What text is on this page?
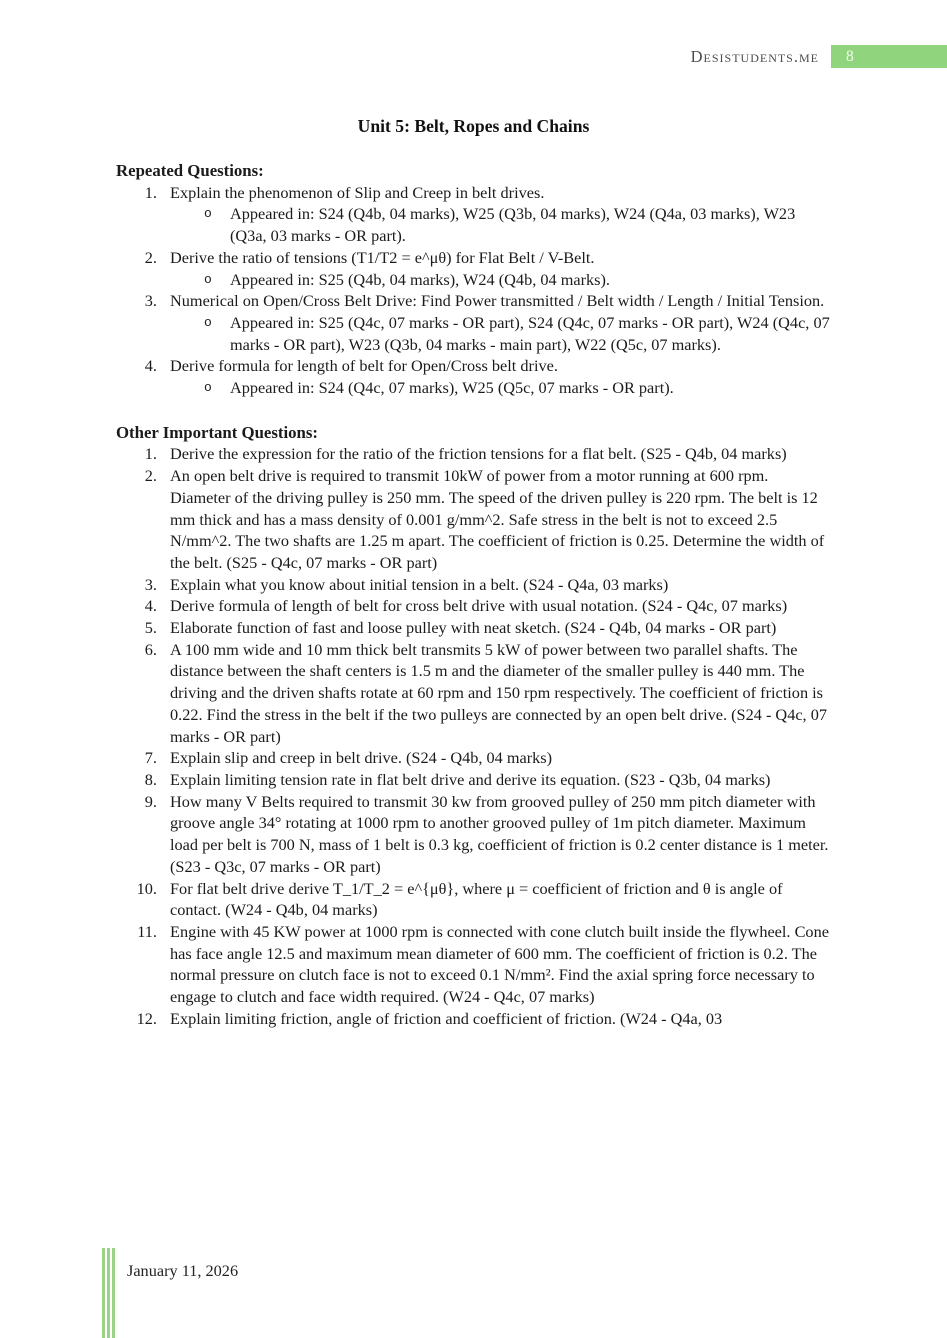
Desistudents.me	8
Unit 5: Belt, Ropes and Chains
Repeated Questions:
1. Explain the phenomenon of Slip and Creep in belt drives.
o	Appeared in: S24 (Q4b, 04 marks), W25 (Q3b, 04 marks), W24 (Q4a, 03 marks), W23 (Q3a, 03 marks - OR part).
2. Derive the ratio of tensions (T1/T2 = e^μθ) for Flat Belt / V-Belt.
o	Appeared in: S25 (Q4b, 04 marks), W24 (Q4b, 04 marks).
3. Numerical on Open/Cross Belt Drive: Find Power transmitted / Belt width / Length / Initial Tension.
o	Appeared in: S25 (Q4c, 07 marks - OR part), S24 (Q4c, 07 marks - OR part), W24 (Q4c, 07 marks - OR part), W23 (Q3b, 04 marks - main part), W22 (Q5c, 07 marks).
4. Derive formula for length of belt for Open/Cross belt drive.
o	Appeared in: S24 (Q4c, 07 marks), W25 (Q5c, 07 marks - OR part).
Other Important Questions:
1. Derive the expression for the ratio of the friction tensions for a flat belt. (S25 - Q4b, 04 marks)
2. An open belt drive is required to transmit 10kW of power from a motor running at 600 rpm. Diameter of the driving pulley is 250 mm. The speed of the driven pulley is 220 rpm. The belt is 12 mm thick and has a mass density of 0.001 g/mm^2. Safe stress in the belt is not to exceed 2.5 N/mm^2. The two shafts are 1.25 m apart. The coefficient of friction is 0.25. Determine the width of the belt. (S25 - Q4c, 07 marks - OR part)
3. Explain what you know about initial tension in a belt. (S24 - Q4a, 03 marks)
4. Derive formula of length of belt for cross belt drive with usual notation. (S24 - Q4c, 07 marks)
5. Elaborate function of fast and loose pulley with neat sketch. (S24 - Q4b, 04 marks - OR part)
6. A 100 mm wide and 10 mm thick belt transmits 5 kW of power between two parallel shafts. The distance between the shaft centers is 1.5 m and the diameter of the smaller pulley is 440 mm. The driving and the driven shafts rotate at 60 rpm and 150 rpm respectively. The coefficient of friction is 0.22. Find the stress in the belt if the two pulleys are connected by an open belt drive. (S24 - Q4c, 07 marks - OR part)
7. Explain slip and creep in belt drive. (S24 - Q4b, 04 marks)
8. Explain limiting tension rate in flat belt drive and derive its equation. (S23 - Q3b, 04 marks)
9. How many V Belts required to transmit 30 kw from grooved pulley of 250 mm pitch diameter with groove angle 34° rotating at 1000 rpm to another grooved pulley of 1m pitch diameter. Maximum load per belt is 700 N, mass of 1 belt is 0.3 kg, coefficient of friction is 0.2 center distance is 1 meter. (S23 - Q3c, 07 marks - OR part)
10. For flat belt drive derive T_1/T_2 = e^{μθ}, where μ = coefficient of friction and θ is angle of contact. (W24 - Q4b, 04 marks)
11. Engine with 45 KW power at 1000 rpm is connected with cone clutch built inside the flywheel. Cone has face angle 12.5 and maximum mean diameter of 600 mm. The coefficient of friction is 0.2. The normal pressure on clutch face is not to exceed 0.1 N/mm². Find the axial spring force necessary to engage to clutch and face width required. (W24 - Q4c, 07 marks)
12. Explain limiting friction, angle of friction and coefficient of friction. (W24 - Q4a, 03
January 11, 2026
